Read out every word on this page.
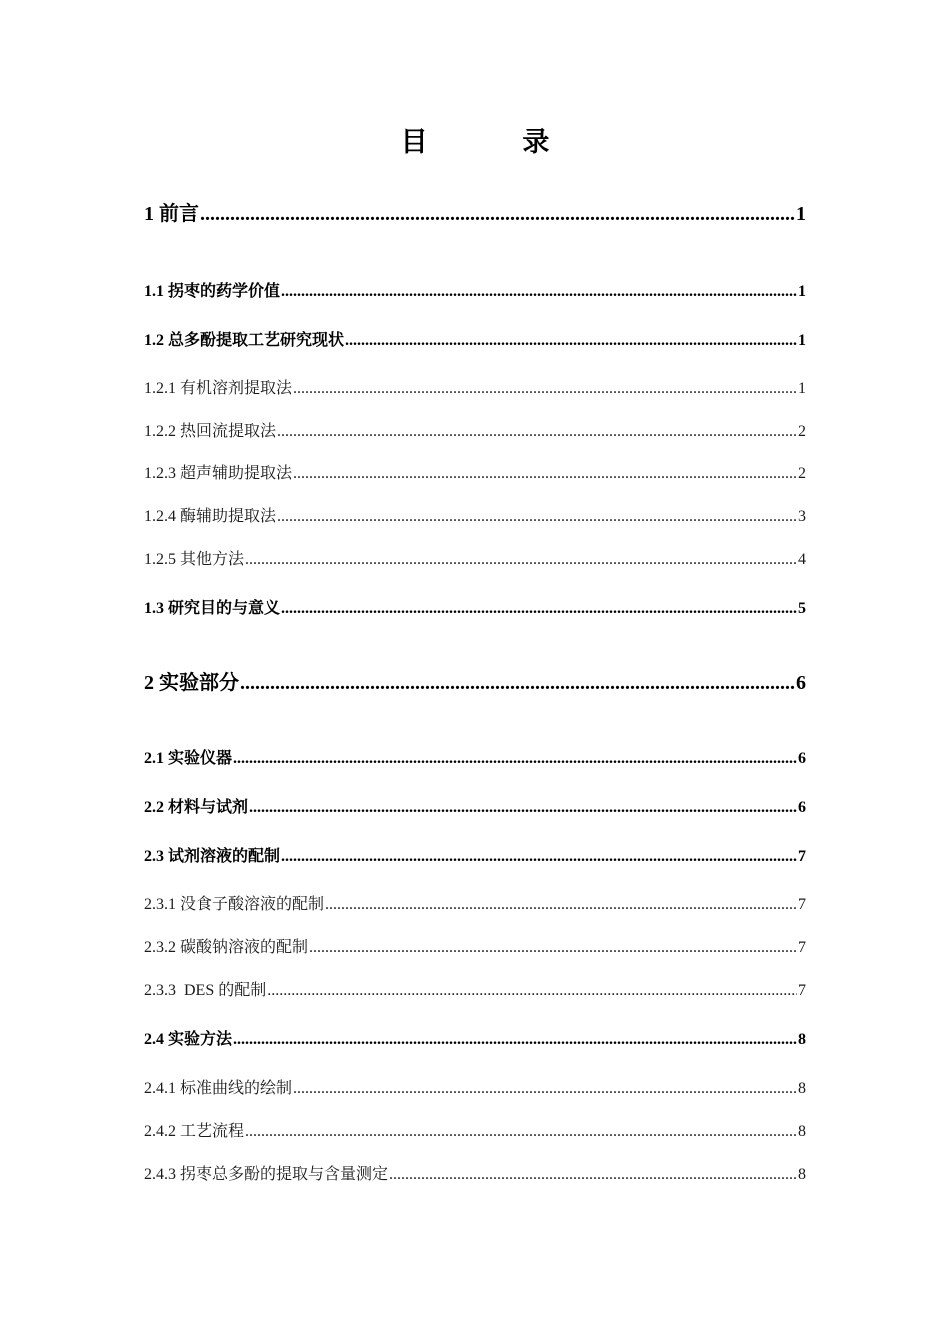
目 录
1 前言 .....	1
1.1 拐枣的药学价值 .....	1
1.2 总多酚提取工艺研究现状 .....	1
1.2.1 有机溶剂提取法 .....	1
1.2.2 热回流提取法 .....	2
1.2.3 超声辅助提取法 .....	2
1.2.4 酶辅助提取法 .....	3
1.2.5 其他方法 .....	4
1.3 研究目的与意义 .....	5
2 实验部分 .....	6
2.1 实验仪器 .....	6
2.2 材料与试剂 .....	6
2.3 试剂溶液的配制 .....	7
2.3.1 没食子酸溶液的配制 .....	7
2.3.2 碳酸钠溶液的配制 .....	7
2.3.3  DES 的配制 .....	7
2.4 实验方法 .....	8
2.4.1 标准曲线的绘制 .....	8
2.4.2 工艺流程 .....	8
2.4.3 拐枣总多酚的提取与含量测定 .....	8
